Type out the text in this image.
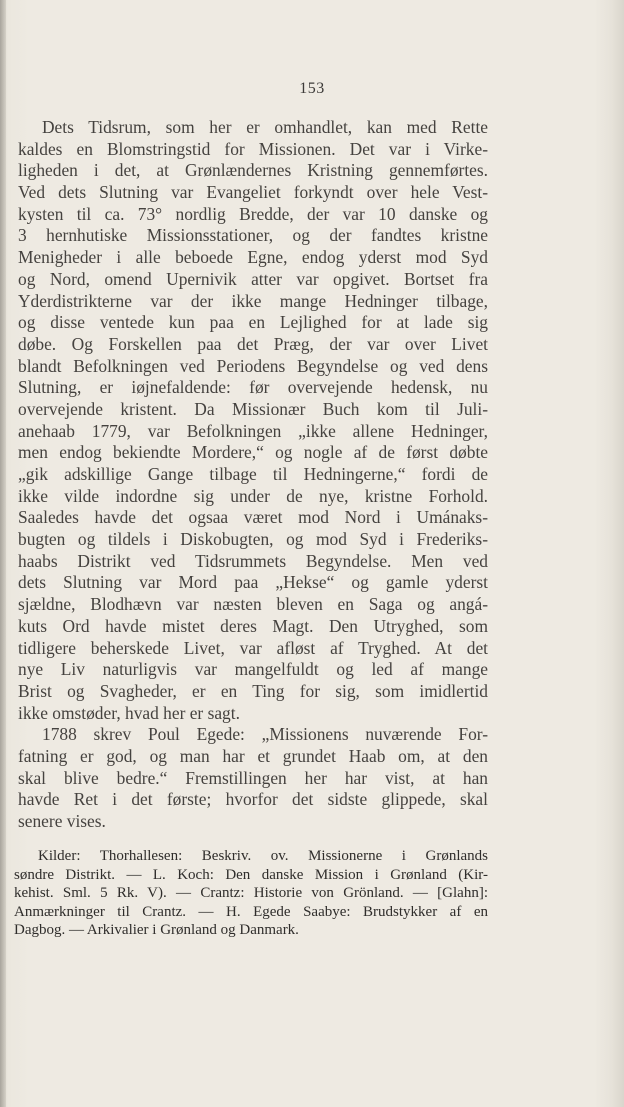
153
Dets Tidsrum, som her er omhandlet, kan med Rette
kaldes en Blomstringstid for Missionen. Det var i Virke-
ligheden i det, at Grønlændernes Kristning gennemførtes.
Ved dets Slutning var Evangeliet forkyndt over hele Vest-
kysten til ca. 73° nordlig Bredde, der var 10 danske og
3 hernhutiske Missionsstationer, og der fandtes kristne
Menigheder i alle beboede Egne, endog yderst mod Syd
og Nord, omend Upernivik atter var opgivet. Bortset fra
Yderdistrikterne var der ikke mange Hedninger tilbage,
og disse ventede kun paa en Lejlighed for at lade sig
døbe. Og Forskellen paa det Præg, der var over Livet
blandt Befolkningen ved Periodens Begyndelse og ved dens
Slutning, er iøjnefaldende: før overvejende hedensk, nu
overvejende kristent. Da Missionær Buch kom til Juli-
anehaab 1779, var Befolkningen „ikke allene Hedninger,
men endog bekiendte Mordere,“ og nogle af de først døbte
„gik adskillige Gange tilbage til Hedningerne,“ fordi de
ikke vilde indordne sig under de nye, kristne Forhold.
Saaledes havde det ogsaa været mod Nord i Umánaks-
bugten og tildels i Diskobugten, og mod Syd i Frederiks-
haabs Distrikt ved Tidsrummets Begyndelse. Men ved
dets Slutning var Mord paa „Hekse“ og gamle yderst
sjældne, Blodhævn var næsten bleven en Saga og angá-
kuts Ord havde mistet deres Magt. Den Utryghed, som
tidligere beherskede Livet, var afløst af Tryghed. At det
nye Liv naturligvis var mangelfuldt og led af mange
Brist og Svagheder, er en Ting for sig, som imidlertid
ikke omstøder, hvad her er sagt.
1788 skrev Poul Egede: „Missionens nuværende For-
fatning er god, og man har et grundet Haab om, at den
skal blive bedre.“ Fremstillingen her har vist, at han
havde Ret i det første; hvorfor det sidste glippede, skal
senere vises.
Kilder: Thorhallesen: Beskriv. ov. Missionerne i Grønlands
søndre Distrikt. — L. Koch: Den danske Mission i Grønland (Kir-
kehist. Sml. 5 Rk. V). — Crantz: Historie von Grönland. — [Glahn]:
Anmærkninger til Crantz. — H. Egede Saabye: Brudstykker af en
Dagbog. — Arkivalier i Grønland og Danmark.
